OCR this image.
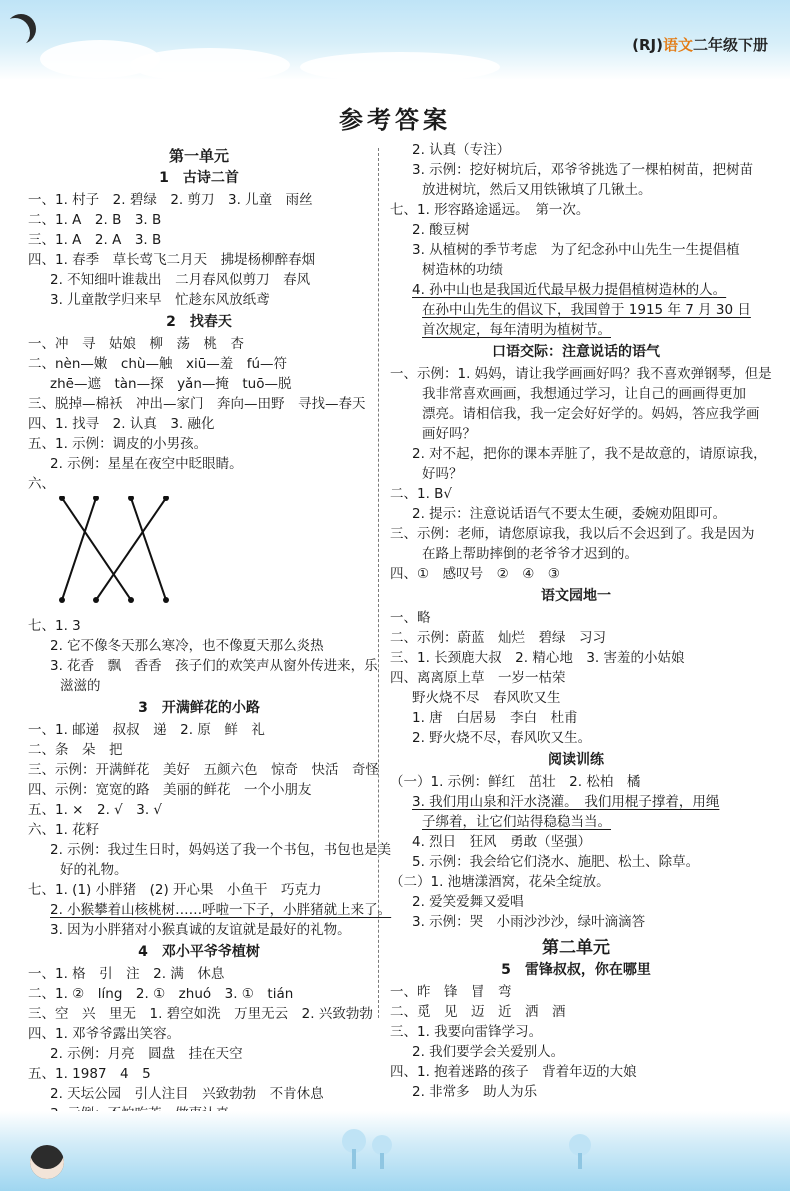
(RJ)语文二年级下册
参考答案
第一单元
1　古诗二首
一、1. 村子　2. 碧绿　2. 剪刀　3. 儿童　雨丝
二、1. A　2. B　3. B
三、1. A　2. A　3. B
四、1. 春季　草长莺飞二月天　拂堤杨柳醉春烟
2. 不知细叶谁裁出　二月春风似剪刀　春风
3. 儿童散学归来早　忙趁东风放纸鸢
2　找春天
一、冲　寻　姑娘　柳　荡　桃　杏
二、nèn—嫩　chù—触　xiū—羞　fú—符
zhē—遮　tàn—探　yǎn—掩　tuō—脱
三、脱掉—棉袄　冲出—家门　奔向—田野　寻找—春天
四、1. 找寻　2. 认真　3. 融化
五、1. 示例：调皮的小男孩。
2. 示例：星星在夜空中眨眼睛。
六、
七、1. 3
2. 它不像冬天那么寒冷，也不像夏天那么炎热
3. 花香　飘　香香　孩子们的欢笑声从窗外传进来，乐
滋滋的
3　开满鲜花的小路
一、1. 邮递　叔叔　递　2. 原　鲜　礼
二、条　朵　把
三、示例：开满鲜花　美好　五颜六色　惊奇　快活　奇怪
四、示例：宽宽的路　美丽的鲜花　一个小朋友
五、1. ×　2. √　3. √
六、1. 花籽
2. 示例：我过生日时，妈妈送了我一个书包，书包也是美
好的礼物。
七、1. (1) 小胖猪　(2) 开心果　小鱼干　巧克力
2. 小猴攀着山核桃树……呼啦一下子，小胖猪就上来了。
3. 因为小胖猪对小猴真诚的友谊就是最好的礼物。
4　邓小平爷爷植树
一、1. 格　引　注　2. 满　休息
二、1. ②　líng　2. ①　zhuó　3. ①　tián
三、空　兴　里无　1. 碧空如洗　万里无云　2. 兴致勃勃
四、1. 邓爷爷露出笑容。
2. 示例：月亮　圆盘　挂在天空
五、1. 1987　4　5
2. 天坛公园　引人注目　兴致勃勃　不肯休息
2. 认真（专注）
3. 示例：挖好树坑后，邓爷爷挑选了一棵柏树苗，把树苗
放进树坑，然后又用铁锹填了几锹土。
七、1. 形容路途遥远。　第一次。
2. 酸豆树
3. 从植树的季节考虑　为了纪念孙中山先生一生提倡植
树造林的功绩
4. 孙中山也是我国近代最早极力提倡植树造林的人。
在孙中山先生的倡议下，我国曾于 1915 年 7 月 30 日
首次规定，每年清明为植树节。
口语交际：注意说话的语气
一、示例：1. 妈妈，请让我学画画好吗？我不喜欢弹钢琴，但是
我非常喜欢画画，我想通过学习，让自己的画画得更加
漂亮。请相信我，我一定会好好学的。妈妈，答应我学画
画好吗？
2. 对不起，把你的课本弄脏了，我不是故意的，请原谅我，
好吗？
二、1. B√
2. 提示：注意说话语气不要太生硬，委婉劝阻即可。
三、示例：老师，请您原谅我，我以后不会迟到了。我是因为
在路上帮助摔倒的老爷爷才迟到的。
四、①　感叹号　②　④　③
语文园地一
一、略
二、示例：蔚蓝　灿烂　碧绿　习习
三、1. 长颈鹿大叔　2. 精心地　3. 害羞的小姑娘
四、离离原上草　一岁一枯荣
野火烧不尽　春风吹又生
1. 唐　白居易　李白　杜甫
2. 野火烧不尽，春风吹又生。
阅读训练
（一）1. 示例：鲜红　茁壮　2. 松柏　橘
3. 我们用山泉和汗水浇灌。　我们用棍子撑着，用绳
子绑着，让它们站得稳稳当当。
4. 烈日　狂风　勇敢（坚强）
5. 示例：我会给它们浇水、施肥、松土、除草。
（二）1. 池塘漾酒窝，花朵全绽放。
2. 爱笑爱舞又爱唱
3. 示例：哭　小雨沙沙沙，绿叶滴滴答
第二单元
5　雷锋叔叔，你在哪里
一、昨　锋　冒　弯
二、觅　见　迈　近　洒　酒
三、1. 我要向雷锋学习。
2. 我们要学会关爱别人。
四、1. 抱着迷路的孩子　背着年迈的大娘
2. 非常多　助人为乐
